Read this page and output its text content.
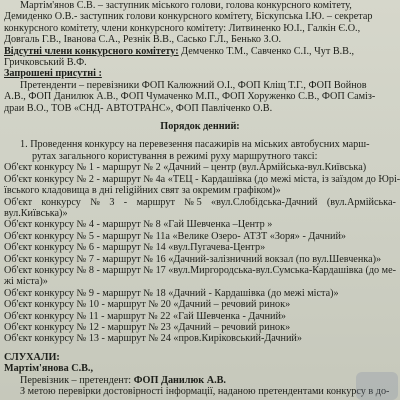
Мартім'янов С.В. – заступник міського голови, голова конкурсного комітету,
Демиденко О.В.- заступник голови конкурсного комітету, Біскупська І.Ю. – секретар
конкурсного комітету, члени конкурсного комітету: Литвиненко Ю.І., Галкін Є.О.,
Довгаль Г.В., Іванова С.А., Резнік В.В., Сасько Г.Л., Бенько З.О.
Відсутні члени конкурсного комітету: Демченко Т.М., Савченко С.І., Чут В.В.,
Гричковський В.Ф.
Запрошені присутні :
Претенденти – перевізники ФОП Калюжний О.І., ФОП Кліщ Т.Г., ФОП Войнов
А.В., ФОП Данилюк А.В., ФОП Чумаченко М.П., ФОП Хоруженко С.В., ФОП Саміз-
драи В.О., ТОВ «СНД- АВТОТРАНС», ФОП Павліченко О.В.
Порядок денний:
1. Проведення конкурсу на перевезення пасажирів на міських автобусних марш-
рутах загального користування в режимі руху маршрутного таксі:
Об'єкт конкурсу № 1 - маршрут № 2 «Дачний – центр (вул.Армійська-вул.Київська)
Об'єкт конкурсу № 2 - маршрут № 4а «ТЕЦ - Кардашівка (до межі міста, із заїздом до Юрі-
ївського кладовища в дні religійних свят за окремим графіком)»
Об'єкт конкурсу № 3 - маршрут № 5 «вул.Слобідська-Дачний (вул.Армійська-
вул.Київська)»
Об'єкт конкурсу № 4 - маршрут № 8 «Гай Шевченка –Центр »
Об'єкт конкурсу № 5 - маршрут № 11а «Велике Озеро- АТЗТ «Зоря» - Дачний»
Об'єкт конкурсу № 6 - маршрут № 14 «вул.Пугачева-Центр»
Об'єкт конкурсу № 7 - маршрут № 16 «Дачний-залізничний вокзал (по вул.Шевченка)»
Об'єкт конкурсу № 8 - маршрут № 17 «вул.Миргородська-вул.Сумська-Кардашівка (до ме-
жі міста)»
Об'єкт конкурсу № 9 - маршрут № 18 «Дачний - Кардашівка (до межі міста)»
Об'єкт конкурсу № 10 - маршрут № 20 «Дачний – речовий ринок»
Об'єкт конкурсу № 11 - маршрут № 22 «Гай Шевченка - Дачний»
Об'єкт конкурсу № 12 - маршрут № 23 «Дачний – речовий ринок»
Об'єкт конкурсу № 13 - маршрут № 24 «пров.Кирiковський-Дачний»
СЛУХАЛИ:
Мартім'янова С.В.,
Перевізник – претендент: ФОП Данилюк А.В.
З метою перевірки достовірності інформації, наданою претендентами конкурсу в до-
